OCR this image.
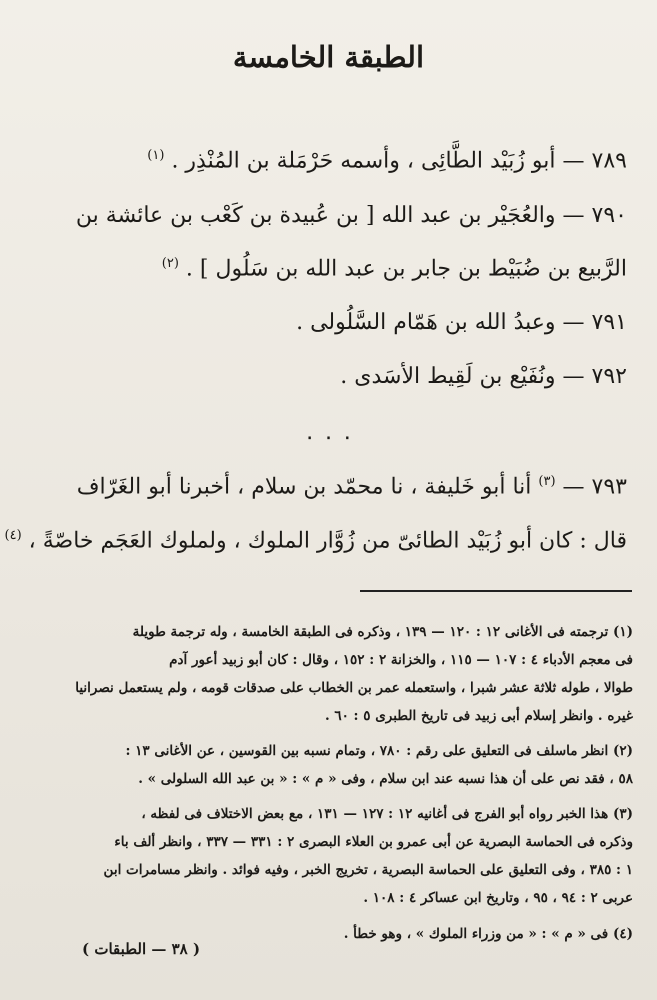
الطبقة الخامسة
٧٨٩ — أبو زُبَيْد الطَّائِى ، وأسمه حَرْمَلة بن المُنْذِر . $^{(١)}$
٧٩٠ — والعُجَيْر بن عبد الله [ بن عُبيدة بن كَعْب بن عائشة بن
الرَّبيع بن ضُبَيْط بن جابر بن عبد الله بن سَلُول ] . $^{(٢)}$
٧٩١ — وعبدُ الله بن هَمّام السَّلُولى .
٧٩٢ — ونُفَيْع بن لَقِيط الأسَدى .
٠ ٠ ٠
٧٩٣ — $^{(٣)}$ أنا أبو خَليفة ، نا محمّد بن سلام ، أخبرنا أبو الغَرّاف
قال : كان أبو زُبَيْد الطائىّ من زُوَّار الملوك ، ولملوك العَجَم خاصّةً ، $^{(٤)}$
(١) ترجمته فى الأغانى ١٢ : ١٢٠ — ١٣٩ ، وذكره فى الطبقة الخامسة ، وله ترجمة طويلة
فى معجم الأدباء ٤ : ١٠٧ — ١١٥ ، والخزانة ٢ : ١٥٢ ، وقال : كان أبو زبيد أعور آدم
طوالا ، طوله ثلاثة عشر شبرا ، واستعمله عمر بن الخطاب على صدقات قومه ، ولم يستعمل نصرانيا
غيره . وانظر إسلام أبى زبيد فى تاريخ الطبرى ٥ : ٦٠ .
(٢) انظر ماسلف فى التعليق على رقم : ٧٨٠ ، وتمام نسبه بين القوسين ، عن الأغانى ١٣ :
٥٨ ، فقد نص على أن هذا نسبه عند ابن سلام ، وفى « م » : « بن عبد الله السلولى » .
(٣) هذا الخبر رواه أبو الفرج فى أغانيه ١٢ : ١٢٧ — ١٣١ ، مع بعض الاختلاف فى لفظه ،
وذكره فى الحماسة البصرية عن أبى عمرو بن العلاء البصرى ٢ : ٣٣١ — ٣٣٧ ، وانظر ألف باء
١ : ٣٨٥ ، وفى التعليق على الحماسة البصرية ، تخريج الخبر ، وفيه فوائد . وانظر مسامرات ابن
عربى ٢ : ٩٤ ، ٩٥ ، وتاريخ ابن عساكر ٤ : ١٠٨ .
(٤) فى « م » : « من وزراء الملوك » ، وهو خطأ .
( ٣٨ — الطبقات )
